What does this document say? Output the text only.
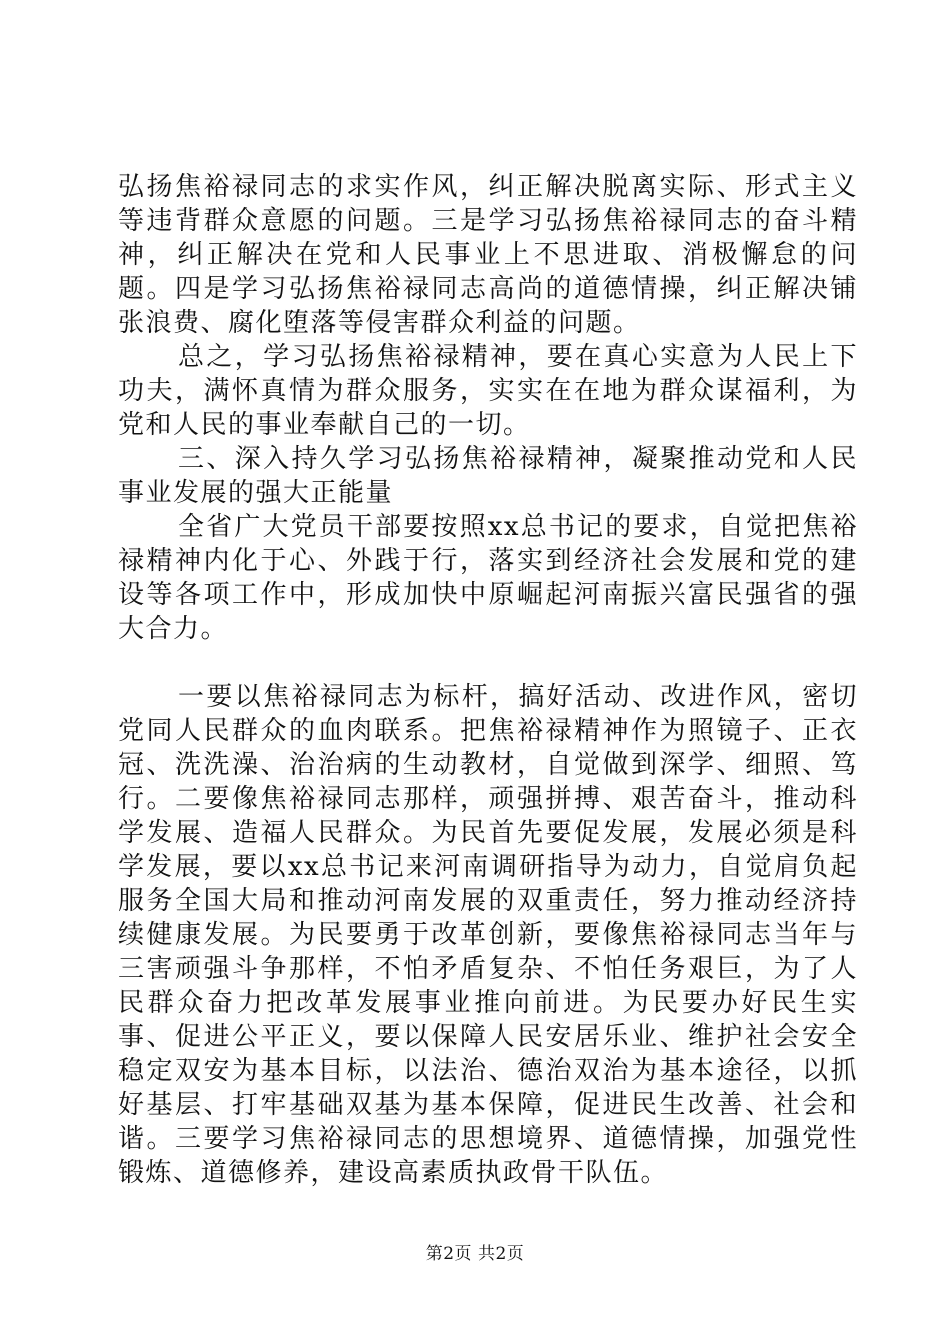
弘扬焦裕禄同志的求实作风，纠正解决脱离实际、形式主义等违背群众意愿的问题。三是学习弘扬焦裕禄同志的奋斗精神，纠正解决在党和人民事业上不思进取、消极懈怠的问题。四是学习弘扬焦裕禄同志高尚的道德情操，纠正解决铺张浪费、腐化堕落等侵害群众利益的问题。

总之，学习弘扬焦裕禄精神，要在真心实意为人民上下功夫，满怀真情为群众服务，实实在在地为群众谋福利，为党和人民的事业奉献自己的一切。

三、深入持久学习弘扬焦裕禄精神，凝聚推动党和人民事业发展的强大正能量

全省广大党员干部要按照xx总书记的要求，自觉把焦裕禄精神内化于心、外践于行，落实到经济社会发展和党的建设等各项工作中，形成加快中原崛起河南振兴富民强省的强大合力。

一要以焦裕禄同志为标杆，搞好活动、改进作风，密切党同人民群众的血肉联系。把焦裕禄精神作为照镜子、正衣冠、洗洗澡、治治病的生动教材，自觉做到深学、细照、笃行。二要像焦裕禄同志那样，顽强拼搏、艰苦奋斗，推动科学发展、造福人民群众。为民首先要促发展，发展必须是科学发展，要以xx总书记来河南调研指导为动力，自觉肩负起服务全国大局和推动河南发展的双重责任，努力推动经济持续健康发展。为民要勇于改革创新，要像焦裕禄同志当年与三害顽强斗争那样，不怕矛盾复杂、不怕任务艰巨，为了人民群众奋力把改革发展事业推向前进。为民要办好民生实事、促进公平正义，要以保障人民安居乐业、维护社会安全稳定双安为基本目标，以法治、德治双治为基本途径，以抓好基层、打牢基础双基为基本保障，促进民生改善、社会和谐。三要学习焦裕禄同志的思想境界、道德情操，加强党性锻炼、道德修养，建设高素质执政骨干队伍。

第2页 共2页
